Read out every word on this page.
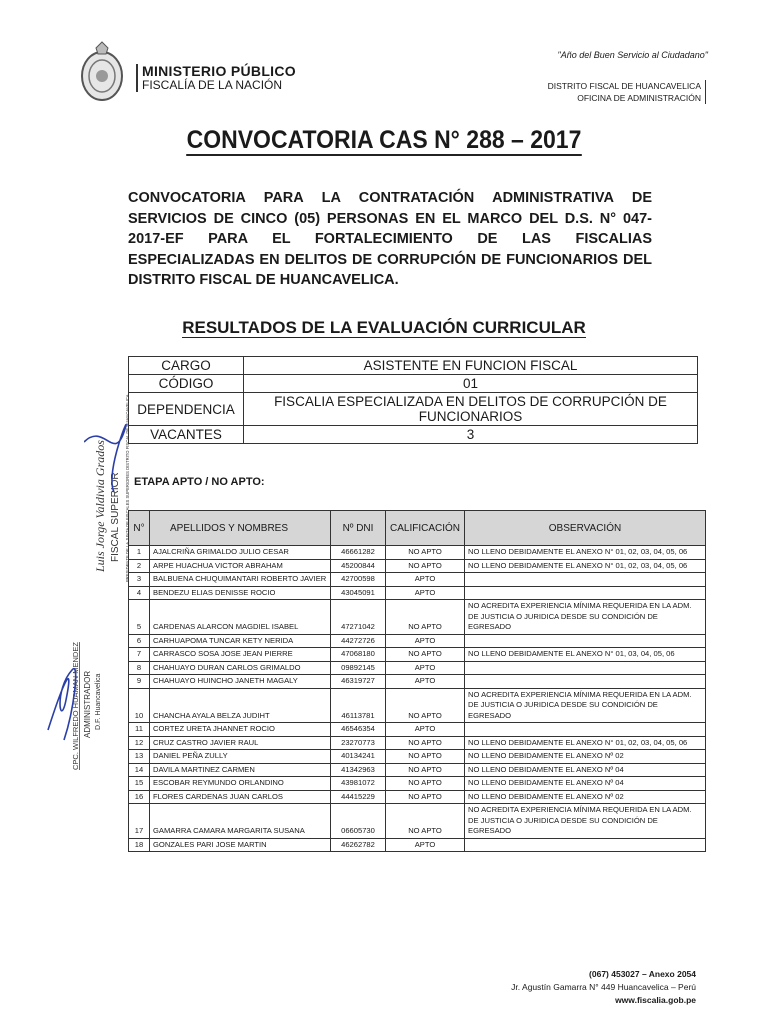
MINISTERIO PÚBLICO
FISCALÍA DE LA NACIÓN
"Año del Buen Servicio al Ciudadano"
DISTRITO FISCAL DE HUANCAVELICA
OFICINA DE ADMINISTRACIÓN
CONVOCATORIA CAS N° 288 – 2017
CONVOCATORIA PARA LA CONTRATACIÓN ADMINISTRATIVA DE SERVICIOS DE CINCO (05) PERSONAS EN EL MARCO DEL D.S. N° 047-2017-EF PARA EL FORTALECIMIENTO DE LAS FISCALIAS ESPECIALIZADAS EN DELITOS DE CORRUPCIÓN DE FUNCIONARIOS DEL DISTRITO FISCAL DE HUANCAVELICA.
RESULTADOS DE LA EVALUACIÓN CURRICULAR
CARGO	ASISTENTE EN FUNCION FISCAL
CÓDIGO	01
DEPENDENCIA	FISCALIA ESPECIALIZADA EN DELITOS DE CORRUPCIÓN DE FUNCIONARIOS
VACANTES	3
ETAPA APTO / NO APTO:
N°	APELLIDOS Y NOMBRES	Nº DNI	CALIFICACIÓN	OBSERVACIÓN
1	AJALCRIÑA GRIMALDO JULIO CESAR	46661282	NO APTO	NO LLENO DEBIDAMENTE EL ANEXO N° 01, 02, 03, 04, 05, 06
2	ARPE HUACHUA VICTOR ABRAHAM	45200844	NO APTO	NO LLENO DEBIDAMENTE EL ANEXO N° 01, 02, 03, 04, 05, 06
3	BALBUENA CHUQUIMANTARI ROBERTO JAVIER	42700598	APTO	
4	BENDEZU ELIAS DENISSE ROCIO	43045091	APTO	
5	CARDENAS ALARCON MAGDIEL ISABEL	47271042	NO APTO	NO ACREDITA EXPERIENCIA MÍNIMA REQUERIDA EN LA ADM. DE JUSTICIA O JURIDICA DESDE SU CONDICIÓN DE EGRESADO
6	CARHUAPOMA TUNCAR KETY NERIDA	44272726	APTO	
7	CARRASCO SOSA JOSE JEAN PIERRE	47068180	NO APTO	NO LLENO DEBIDAMENTE EL ANEXO N° 01, 03, 04, 05, 06
8	CHAHUAYO DURAN CARLOS GRIMALDO	09892145	APTO	
9	CHAHUAYO HUINCHO JANETH MAGALY	46319727	APTO	
10	CHANCHA AYALA BELZA JUDIHT	46113781	NO APTO	NO ACREDITA EXPERIENCIA MÍNIMA REQUERIDA EN LA ADM. DE JUSTICIA O JURIDICA DESDE SU CONDICIÓN DE EGRESADO
11	CORTEZ URETA JHANNET ROCIO	46546354	APTO	
12	CRUZ CASTRO JAVIER RAUL	23270773	NO APTO	NO LLENO DEBIDAMENTE EL ANEXO N° 01, 02, 03, 04, 05, 06
13	DANIEL PEÑA ZULLY	40134241	NO APTO	NO LLENO DEBIDAMENTE EL ANEXO Nº 02
14	DAVILA MARTINEZ CARMEN	41342963	NO APTO	NO LLENO DEBIDAMENTE EL ANEXO Nº 04
15	ESCOBAR REYMUNDO ORLANDINO	43981072	NO APTO	NO LLENO DEBIDAMENTE EL ANEXO Nº 04
16	FLORES CARDENAS JUAN CARLOS	44415229	NO APTO	NO LLENO DEBIDAMENTE EL ANEXO Nº 02
17	GAMARRA CAMARA MARGARITA SUSANA	06605730	NO APTO	NO ACREDITA EXPERIENCIA MÍNIMA REQUERIDA EN LA ADM. DE JUSTICIA O JURIDICA DESDE SU CONDICIÓN DE EGRESADO
18	GONZALES PARI JOSE MARTIN	46262782	APTO	
Luis Jorge Valdivia Grados FISCAL SUPERIOR PRESIDENTE DE LA JUNTA DE FISCALES SUPERIORES DISTRITO FISCAL DE HUANCAVELICA
CPC. WILFREDO HUAMAN MENDEZ ADMINISTRADOR D.F. Huancavelica
(067) 453027 – Anexo 2054
Jr. Agustín Gamarra N° 449 Huancavelica – Perú
www.fiscalia.gob.pe
